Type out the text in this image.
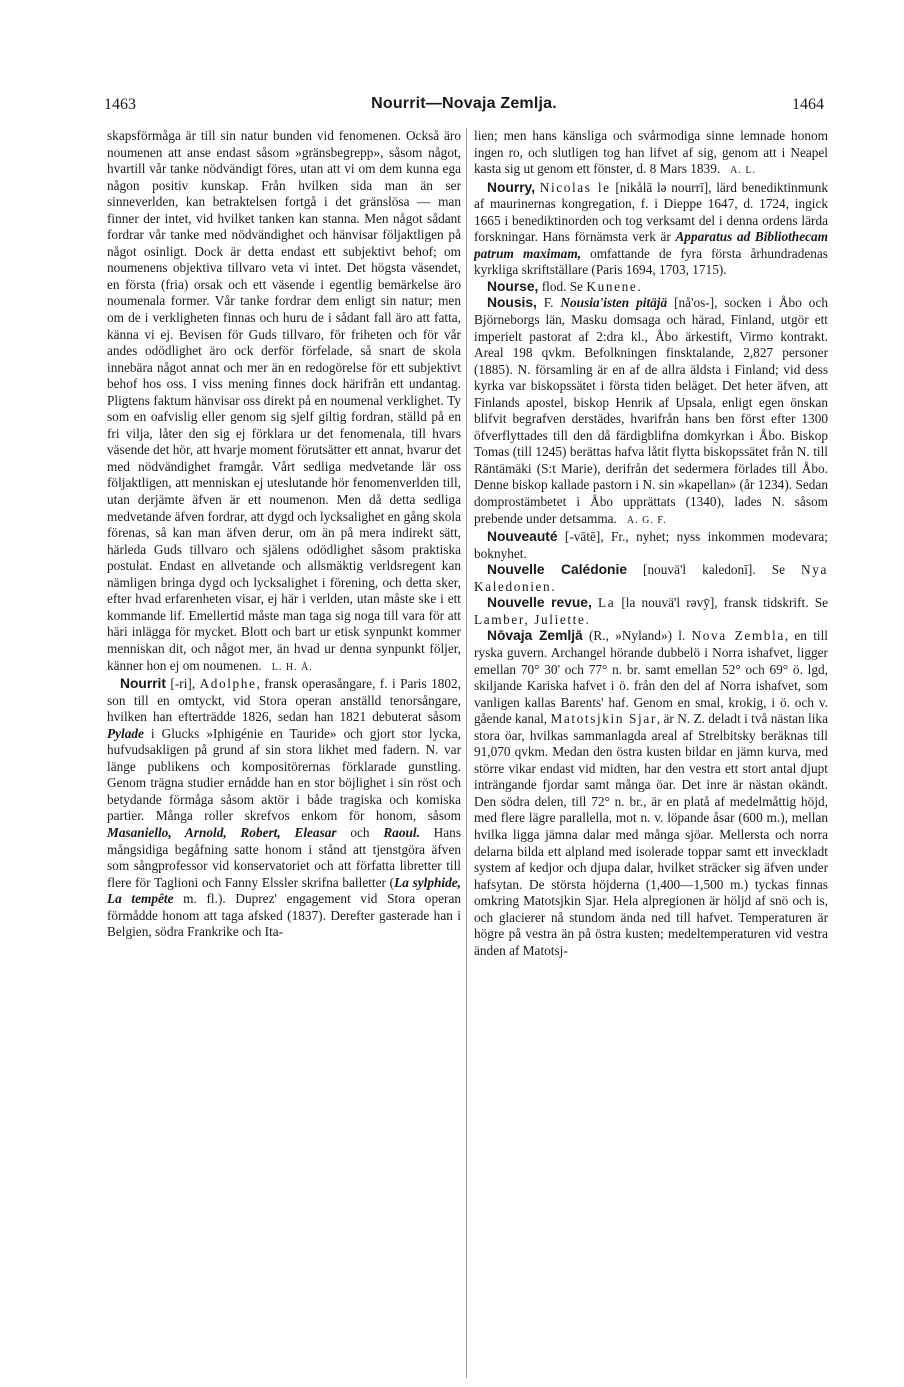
1463	Nourrit—Novaja Zemlja.	1464

skapsförmåga är till sin natur bunden vid fenomenen. Också äro noumenen att anse endast såsom »gränsbegrepp», såsom något, hvartill vår tanke nödvändigt föres, utan att vi om dem kunna ega någon positiv kunskap. Från hvilken sida man än ser sinneverlden, kan betraktelsen fortgå i det gränslösa — man finner der intet, vid hvilket tanken kan stanna. Men något sådant fordrar vår tanke med nödvändighet och hänvisar följaktligen på något osinligt. Dock är detta endast ett subjektivt behof; om noumenens objektiva tillvaro veta vi intet. Det högsta väsendet, en första (fria) orsak och ett väsende i egentlig bemärkelse äro noumenala former. Vår tanke fordrar dem enligt sin natur; men om de i verkligheten finnas och huru de i sådant fall äro att fatta, känna vi ej. Bevisen för Guds tillvaro, för friheten och för vår andes odödlighet äro ock derför förfelade, så snart de skola innebära något annat och mer än en redogörelse för ett subjektivt behof hos oss. I viss mening finnes dock härifrån ett undantag. Pligtens faktum hänvisar oss direkt på en noumenal verklighet. Ty som en oafvislig eller genom sig sjelf giltig fordran, ställd på en fri vilja, låter den sig ej förklara ur det fenomenala, till hvars väsende det hör, att hvarje moment förutsätter ett annat, hvarur det med nödvändighet framgår. Vårt sedliga medvetande lär oss följaktligen, att menniskan ej uteslutande hör fenomenverlden till, utan derjämte äfven är ett noumenon. Men då detta sedliga medvetande äfven fordrar, att dygd och lycksalighet en gång skola förenas, så kan man äfven derur, om än på mera indirekt sätt, härleda Guds tillvaro och själens odödlighet såsom praktiska postulat. Endast en allvetande och allsmäktig verldsregent kan nämligen bringa dygd och lycksalighet i förening, och detta sker, efter hvad erfarenheten visar, ej här i verlden, utan måste ske i ett kommande lif. Emellertid måste man taga sig noga till vara för att häri inlägga för mycket. Blott och bart ur etisk synpunkt kommer menniskan dit, och något mer, än hvad ur denna synpunkt följer, känner hon ej om noumenen. L. H. Å.

Nourrit [-ri], Adolphe, fransk operasångare, f. i Paris 1802, son till en omtyckt, vid Stora operan anställd tenorsångare, hvilken han efterträdde 1826, sedan han 1821 debuterat såsom Pylade i Glucks »Iphigénie en Tauride» och gjort stor lycka, hufvudsakligen på grund af sin stora likhet med fadern. N. var länge publikens och kompositörernas förklarade gunstling. Genom trägna studier ernådde han en stor böjlighet i sin röst och betydande förmåga såsom aktör i både tragiska och komiska partier. Många roller skrefvos enkom för honom, såsom Masaniello, Arnold, Robert, Eleasar och Raoul. Hans mångsidiga begåfning satte honom i stånd att tjenstgöra äfven som sångprofessor vid konservatoriet och att författa libretter till flere för Taglioni och Fanny Elssler skrifna balletter (La sylphide, La tempête m. fl.). Duprez' engagement vid Stora operan förmådde honom att taga afsked (1837). Derefter gasterade han i Belgien, södra Frankrike och Ita-

lien; men hans känsliga och svårmodiga sinne lemnade honom ingen ro, och slutligen tog han lifvet af sig, genom att i Neapel kasta sig ut genom ett fönster, d. 8 Mars 1839. A. L.

Nourry, Nicolas le [nikålā lə nourrī], lärd benediktinmunk af maurinernas kongregation, f. i Dieppe 1647, d. 1724, ingick 1665 i benediktinorden och tog verksamt del i denna ordens lärda forskningar. Hans förnämsta verk är Apparatus ad Bibliothecam patrum maximam, omfattande de fyra första århundradenas kyrkliga skriftställare (Paris 1694, 1703, 1715).

Nourse, flod. Se Kunene.

Nousis, F. Nousia'isten pitäjä [nå'os-], socken i Åbo och Björneborgs län, Masku domsaga och härad, Finland, utgör ett imperielt pastorat af 2:dra kl., Åbo ärkestift, Virmo kontrakt. Areal 198 qvkm. Befolkningen finsktalande, 2,827 personer (1885). N. församling är en af de allra äldsta i Finland; vid dess kyrka var biskopssätet i första tiden beläget. Det heter äfven, att Finlands apostel, biskop Henrik af Upsala, enligt egen önskan blifvit begrafven derstädes, hvarifrån hans ben först efter 1300 öfverflyttades till den då färdigblifna domkyrkan i Åbo. Biskop Tomas (till 1245) berättas hafva låtit flytta biskopssätet från N. till Räntämäki (S:t Marie), derifrån det sedermera förlades till Åbo. Denne biskop kallade pastorn i N. sin »kapellan» (år 1234). Sedan domprostämbetet i Åbo upprättats (1340), lades N. såsom prebende under detsamma. A. G. F.

Nouveauté [-vātē], Fr., nyhet; nyss inkommen modevara; boknyhet.

Nouvelle Calédonie [nouvä'l kaledonī]. Se Nya Kaledonien.

Nouvelle revue, La [la nouvä'l rəvȳ], fransk tidskrift. Se Lamber, Juliette.

Nōvaja Zemljā (R., »Nyland») l. Nova Zembla, en till ryska guvern. Archangel hörande dubbelö i Norra ishafvet, ligger emellan 70° 30' och 77° n. br. samt emellan 52° och 69° ö. lgd, skiljande Kariska hafvet i ö. från den del af Norra ishafvet, som vanligen kallas Barents' haf. Genom en smal, krokig, i ö. och v. gående kanal, Matotsjkin Sjar, är N. Z. deladt i två nästan lika stora öar, hvilkas sammanlagda areal af Strelbitsky beräknas till 91,070 qvkm. Medan den östra kusten bildar en jämn kurva, med större vikar endast vid midten, har den vestra ett stort antal djupt inträngande fjordar samt många öar. Det inre är nästan okändt. Den södra delen, till 72° n. br., är en platå af medelmåttig höjd, med flere lägre parallella, mot n. v. löpande åsar (600 m.), mellan hvilka ligga jämna dalar med många sjöar. Mellersta och norra delarna bilda ett alpland med isolerade toppar samt ett inveckladt system af kedjor och djupa dalar, hvilket sträcker sig äfven under hafsytan. De största höjderna (1,400—1,500 m.) tyckas finnas omkring Matotsjkin Sjar. Hela alpregionen är höljd af snö och is, och glacierer nå stundom ända ned till hafvet. Temperaturen är högre på vestra än på östra kusten; medeltemperaturen vid vestra änden af Matotsj-
